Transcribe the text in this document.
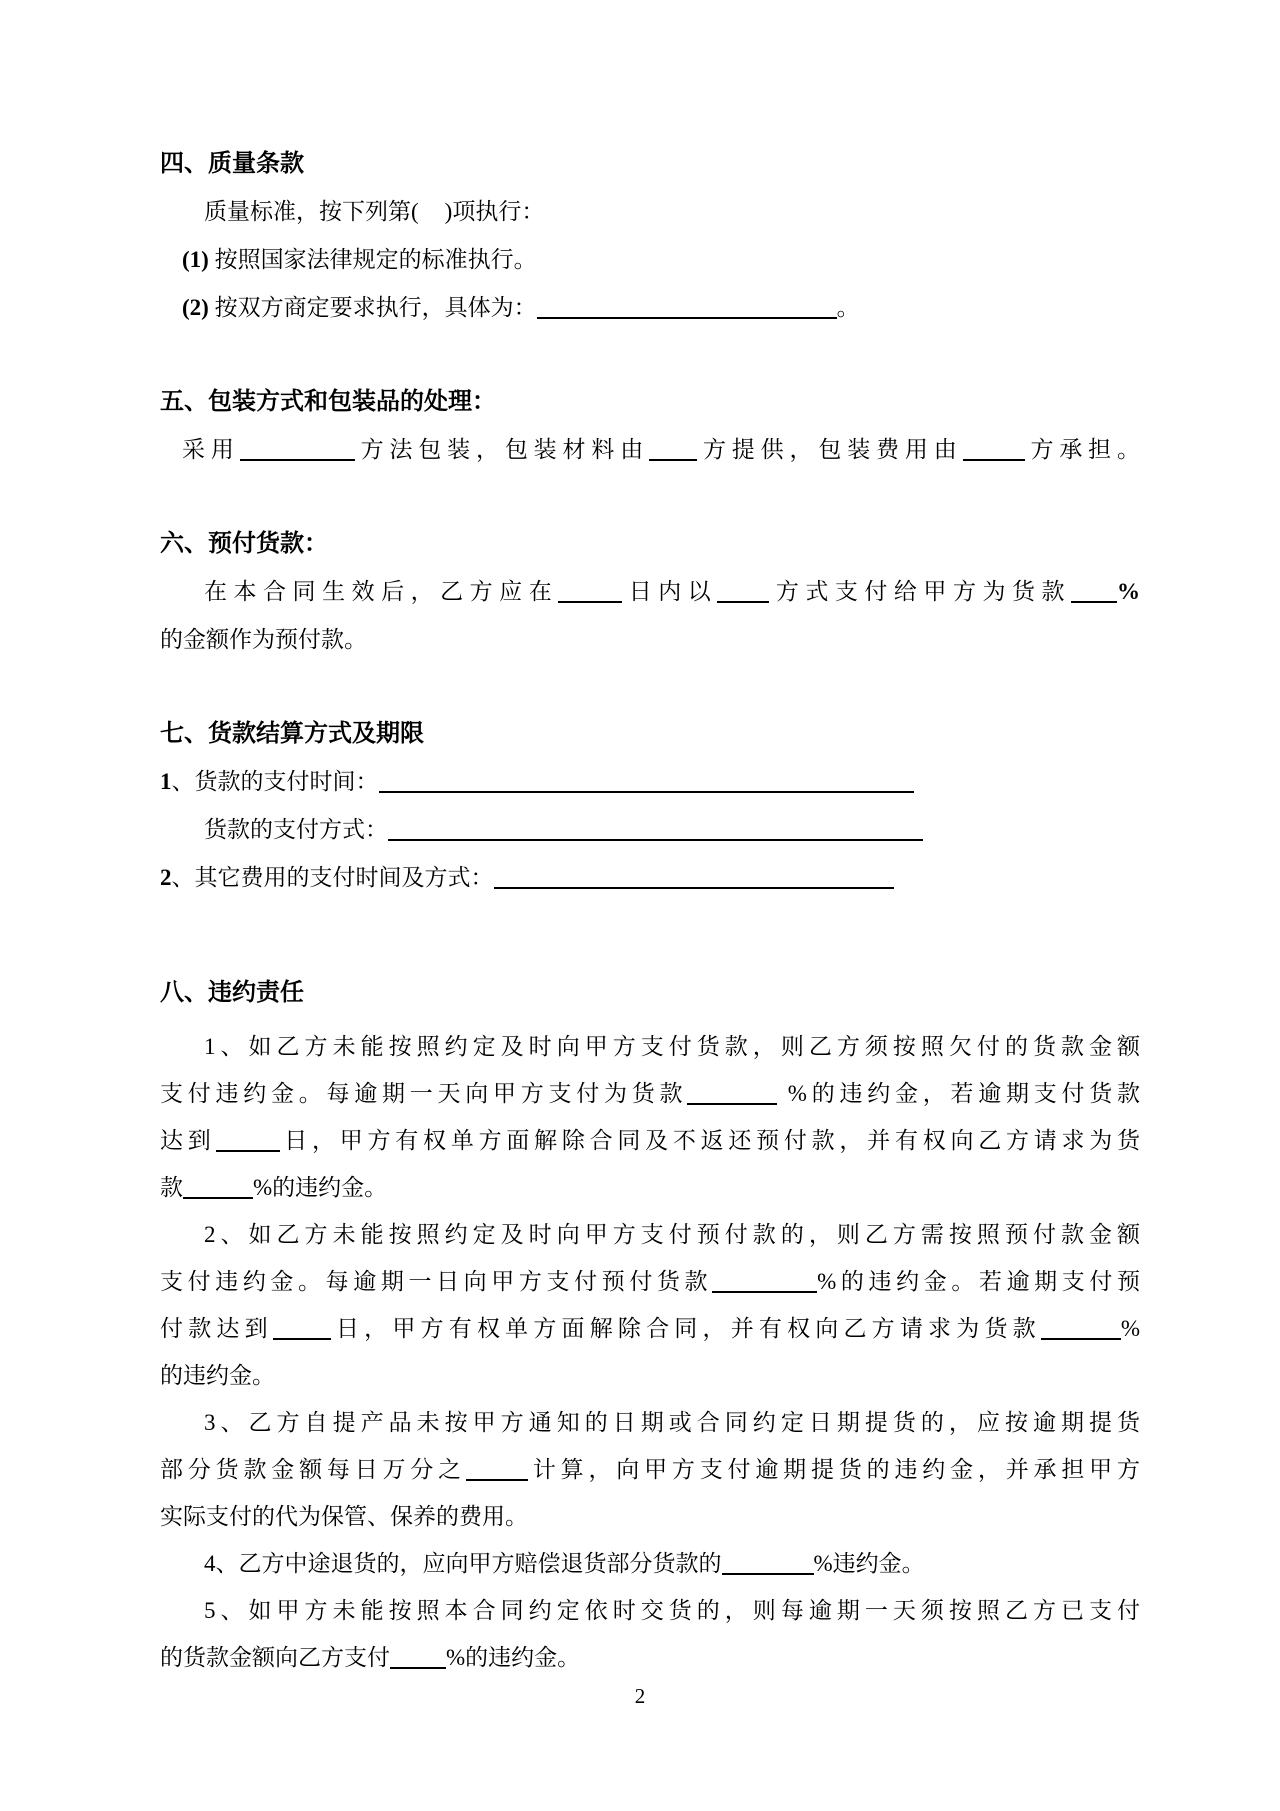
四、质量条款
质量标准，按下列第( )项执行：
(1) 按照国家法律规定的标准执行。
(2) 按双方商定要求执行，具体为：	。
五、包装方式和包装品的处理：
采用	方法包装，包装材料由 方提供，包装费用由	方承担。
六、预付货款：
在本合同生效后，乙方应在	日内以 方式支付给甲方为货款 %
的金额作为预付款。
七、货款结算方式及期限
1、货款的支付时间：
货款的支付方式：
2、其它费用的支付时间及方式：
八、违约责任
1、如乙方未能按照约定及时向甲方支付货款，则乙方须按照欠付的货款金额
支付违约金。每逾期一天向甲方支付为货款	%的违约金，若逾期支付货款
达到	日，甲方有权单方面解除合同及不返还预付款，并有权向乙方请求为货
款	%的违约金。
2、如乙方未能按照约定及时向甲方支付预付款的，则乙方需按照预付款金额
支付违约金。每逾期一日向甲方支付预付货款	%的违约金。若逾期支付预
付款达到	日，甲方有权单方面解除合同，并有权向乙方请求为货款	%
的违约金。
3、乙方自提产品未按甲方通知的日期或合同约定日期提货的，应按逾期提货
部分货款金额每日万分之	计算，向甲方支付逾期提货的违约金，并承担甲方
实际支付的代为保管、保养的费用。
4、乙方中途退货的，应向甲方赔偿退货部分货款的	%违约金。
5、如甲方未能按照本合同约定依时交货的，则每逾期一天须按照乙方已支付
的货款金额向乙方支付 %的违约金。
2
